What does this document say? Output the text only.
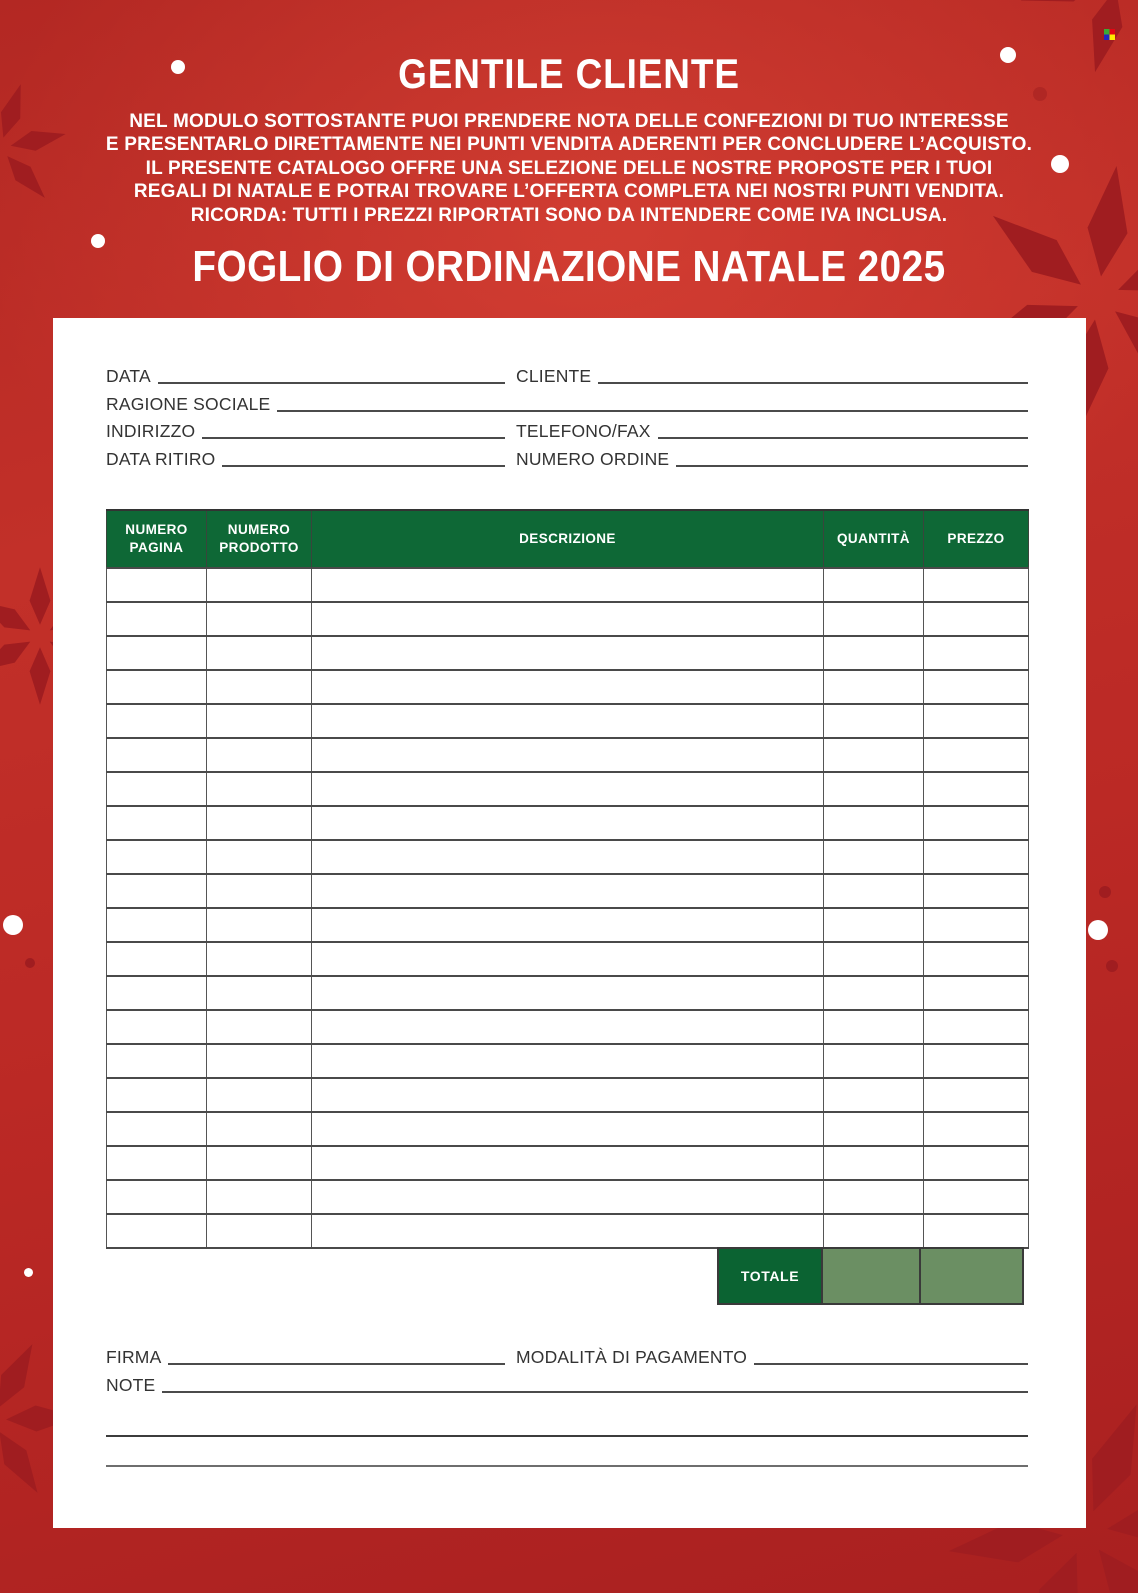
GENTILE CLIENTE
NEL MODULO SOTTOSTANTE PUOI PRENDERE NOTA DELLE CONFEZIONI DI TUO INTERESSE
E PRESENTARLO DIRETTAMENTE NEI PUNTI VENDITA ADERENTI PER CONCLUDERE L’ACQUISTO.
IL PRESENTE CATALOGO OFFRE UNA SELEZIONE DELLE NOSTRE PROPOSTE PER I TUOI
REGALI DI NATALE E POTRAI TROVARE L’OFFERTA COMPLETA NEI NOSTRI PUNTI VENDITA.
RICORDA: TUTTI I PREZZI RIPORTATI SONO DA INTENDERE COME IVA INCLUSA.
FOGLIO DI ORDINAZIONE NATALE 2025
DATA	CLIENTE
RAGIONE SOCIALE
INDIRIZZO	TELEFONO/FAX
DATA RITIRO	NUMERO ORDINE
NUMERO PAGINA	NUMERO PRODOTTO	DESCRIZIONE	QUANTITÀ	PREZZO

TOTALE
FIRMA	MODALITÀ DI PAGAMENTO
NOTE
